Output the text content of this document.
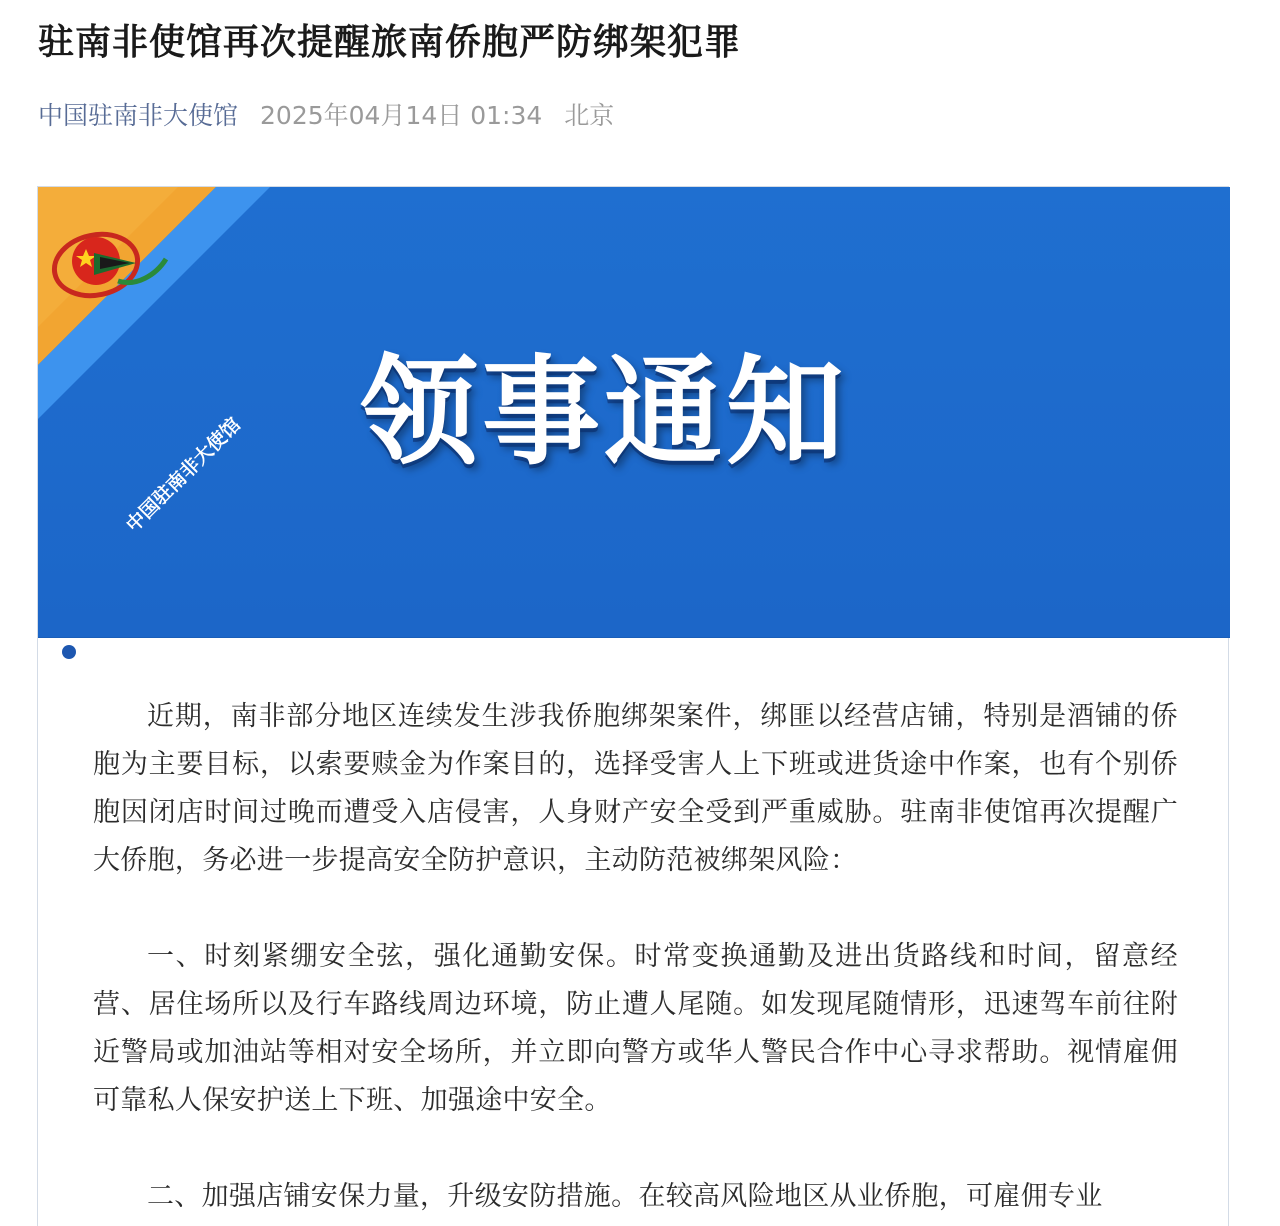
驻南非使馆再次提醒旅南侨胞严防绑架犯罪
中国驻南非大使馆 2025年04月14日 01:34 北京
中国驻南非大使馆 领事通知

近期，南非部分地区连续发生涉我侨胞绑架案件，绑匪以经营店铺，特别是酒铺的侨胞为主要目标，以索要赎金为作案目的，选择受害人上下班或进货途中作案，也有个别侨胞因闭店时间过晚而遭受入店侵害，人身财产安全受到严重威胁。驻南非使馆再次提醒广大侨胞，务必进一步提高安全防护意识，主动防范被绑架风险：

一、时刻紧绷安全弦，强化通勤安保。时常变换通勤及进出货路线和时间，留意经营、居住场所以及行车路线周边环境，防止遭人尾随。如发现尾随情形，迅速驾车前往附近警局或加油站等相对安全场所，并立即向警方或华人警民合作中心寻求帮助。视情雇佣可靠私人保安护送上下班、加强途中安全。

二、加强店铺安保力量，升级安防措施。在较高风险地区从业侨胞，可雇佣专业
